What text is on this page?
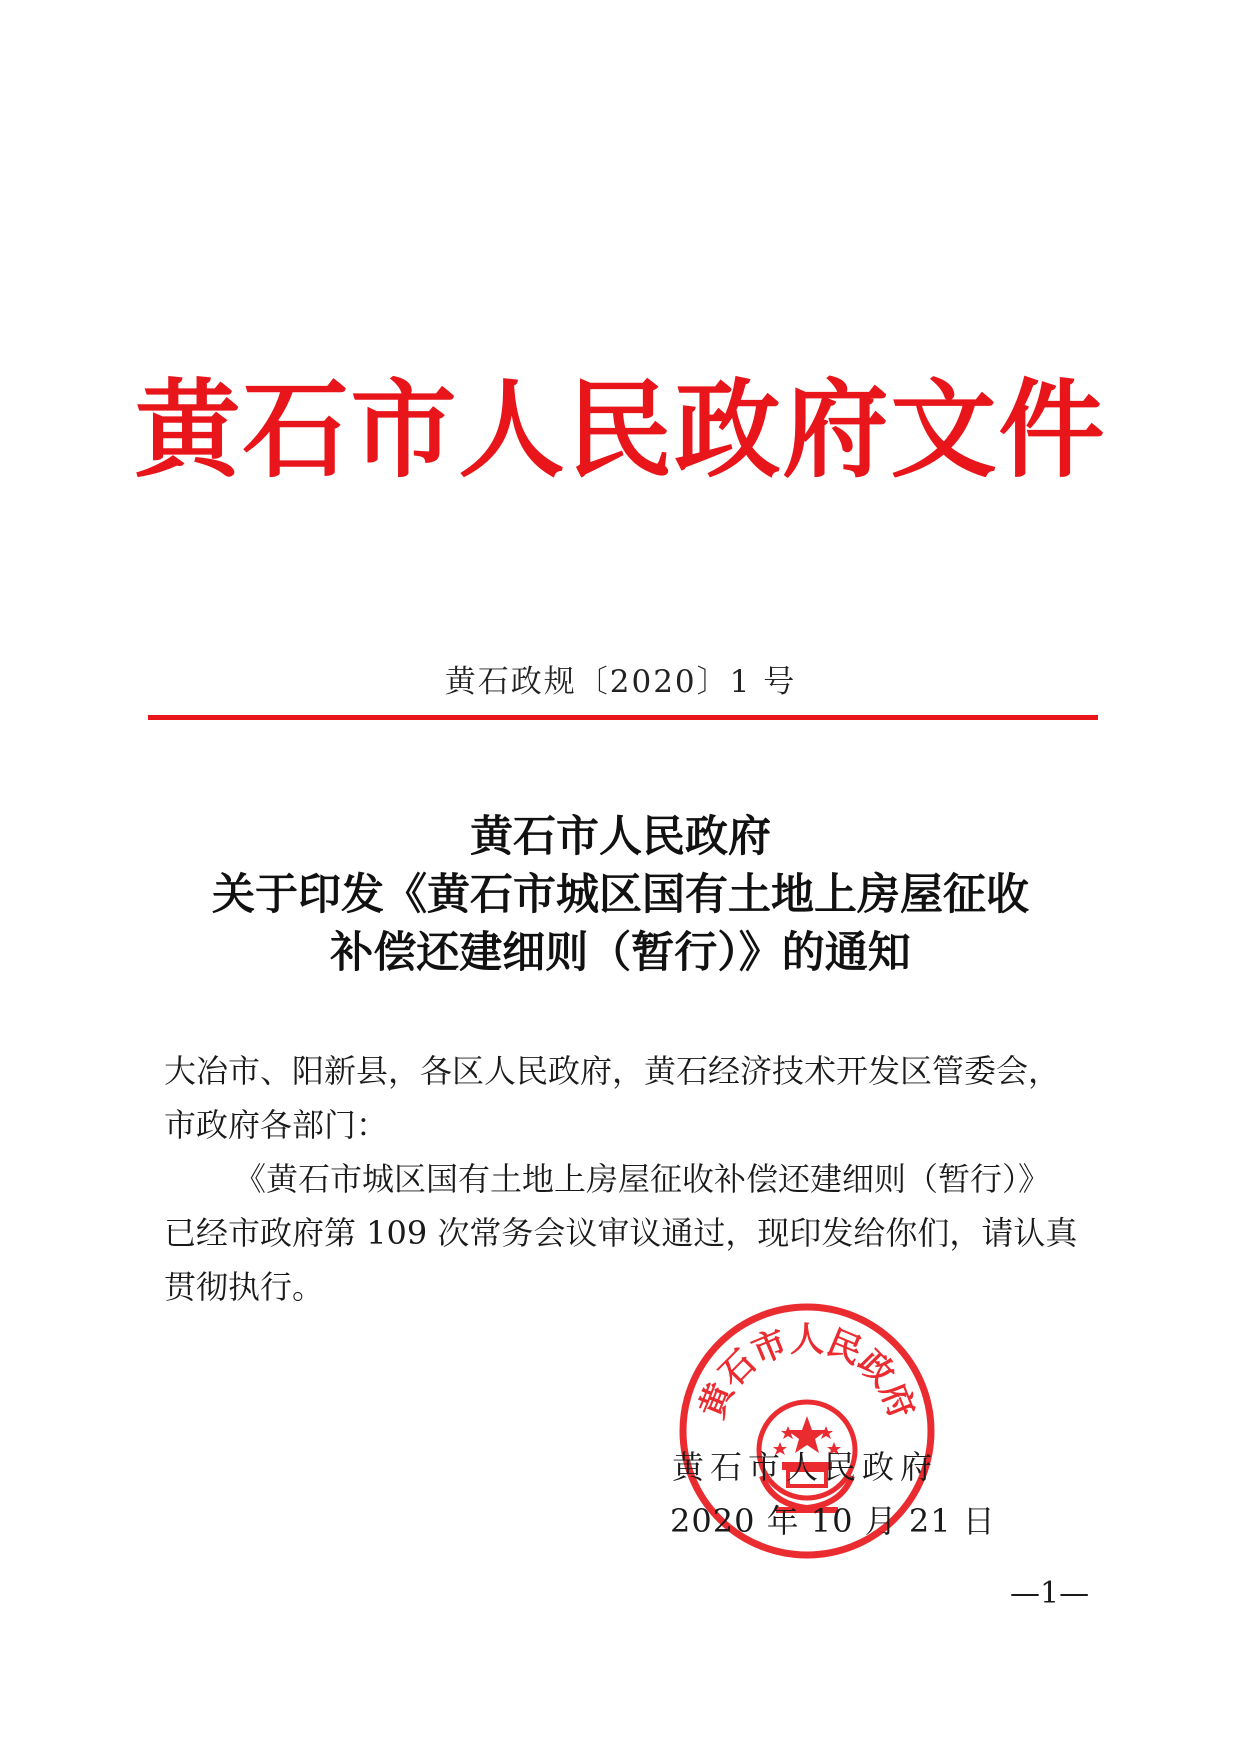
黄石市人民政府文件
黄石政规〔2020〕1 号
黄石市人民政府
关于印发《黄石市城区国有土地上房屋征收
补偿还建细则（暂行）》的通知
大冶市、阳新县，各区人民政府，黄石经济技术开发区管委会，
市政府各部门：
《黄石市城区国有土地上房屋征收补偿还建细则（暂行）》
已经市政府第 109 次常务会议审议通过，现印发给你们，请认真
贯彻执行。
黄石市人民政府
黄石市人民政府
2020 年 10 月 21 日
—1—
